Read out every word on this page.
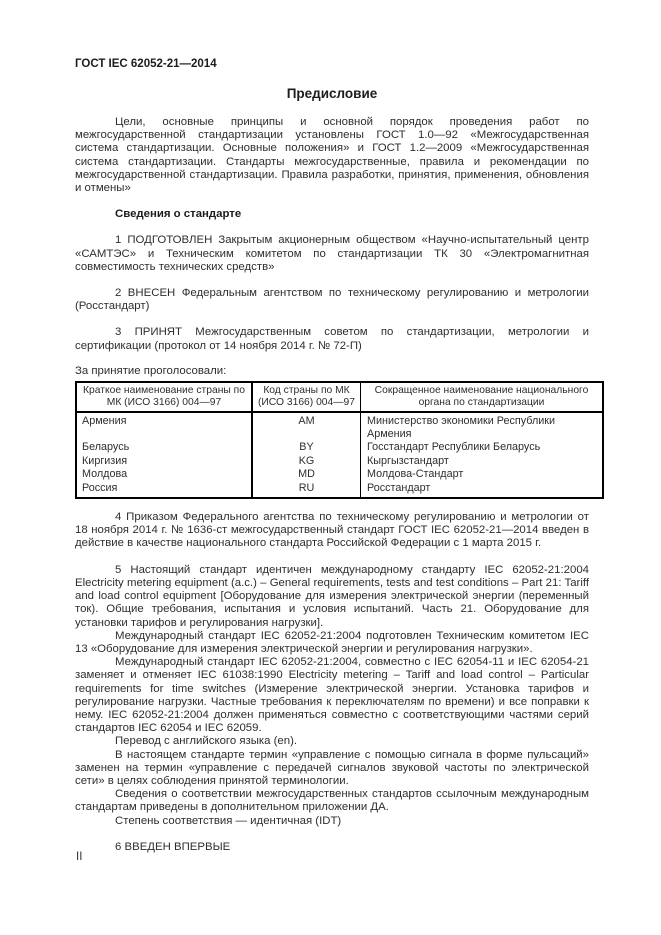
ГОСТ IEC 62052-21—2014
Предисловие

Цели, основные принципы и основной порядок проведения работ по межгосударственной стандартизации установлены ГОСТ 1.0—92 «Межгосударственная система стандартизации. Основные положения» и ГОСТ 1.2—2009 «Межгосударственная система стандартизации. Стандарты межгосударственные, правила и рекомендации по межгосударственной стандартизации. Правила разработки, принятия, применения, обновления и отмены»

Сведения о стандарте

1 ПОДГОТОВЛЕН Закрытым акционерным обществом «Научно-испытательный центр «САМТЭС» и Техническим комитетом по стандартизации ТК 30 «Электромагнитная совместимость технических средств»

2 ВНЕСЕН Федеральным агентством по техническому регулированию и метрологии (Росстандарт)

3 ПРИНЯТ Межгосударственным советом по стандартизации, метрологии и сертификации (протокол от 14 ноября 2014 г. № 72-П)

За принятие проголосовали:

Краткое наименование страны по МК (ИСО 3166) 004—97	Код страны по МК (ИСО 3166) 004—97	Сокращенное наименование национального органа по стандартизации
Армения	AM	Министерство экономики Республики Армения
Беларусь	BY	Госстандарт Республики Беларусь
Киргизия	KG	Кыргызстандарт
Молдова	MD	Молдова-Стандарт
Россия	RU	Росстандарт

4 Приказом Федерального агентства по техническому регулированию и метрологии от 18 ноября 2014 г. № 1636-ст межгосударственный стандарт ГОСТ IEC 62052-21—2014 введен в действие в качестве национального стандарта Российской Федерации с 1 марта 2015 г.

5 Настоящий стандарт идентичен международному стандарту IEC 62052-21:2004 Electricity metering equipment (a.c.) – General requirements, tests and test conditions – Part 21: Tariff and load control equipment [Оборудование для измерения электрической энергии (переменный ток). Общие требования, испытания и условия испытаний. Часть 21. Оборудование для установки тарифов и регулирования нагрузки].

Международный стандарт IEC 62052-21:2004 подготовлен Техническим комитетом IEC 13 «Оборудование для измерения электрической энергии и регулирования нагрузки».

Международный стандарт IEC 62052-21:2004, совместно с IEC 62054-11 и IEC 62054-21 заменяет и отменяет IEC 61038:1990 Electricity metering – Tariff and load control – Particular requirements for time switches (Измерение электрической энергии. Установка тарифов и регулирование нагрузки. Частные требования к переключателям по времени) и все поправки к нему. IEC 62052-21:2004 должен применяться совместно с соответствующими частями серий стандартов IEC 62054 и IEC 62059.

Перевод с английского языка (en).

В настоящем стандарте термин «управление с помощью сигнала в форме пульсаций» заменен на термин «управление с передачей сигналов звуковой частоты по электрической сети» в целях соблюдения принятой терминологии.

Сведения о соответствии межгосударственных стандартов ссылочным международным стандартам приведены в дополнительном приложении ДА.

Степень соответствия — идентичная (IDT)

6 ВВЕДЕН ВПЕРВЫЕ

II
